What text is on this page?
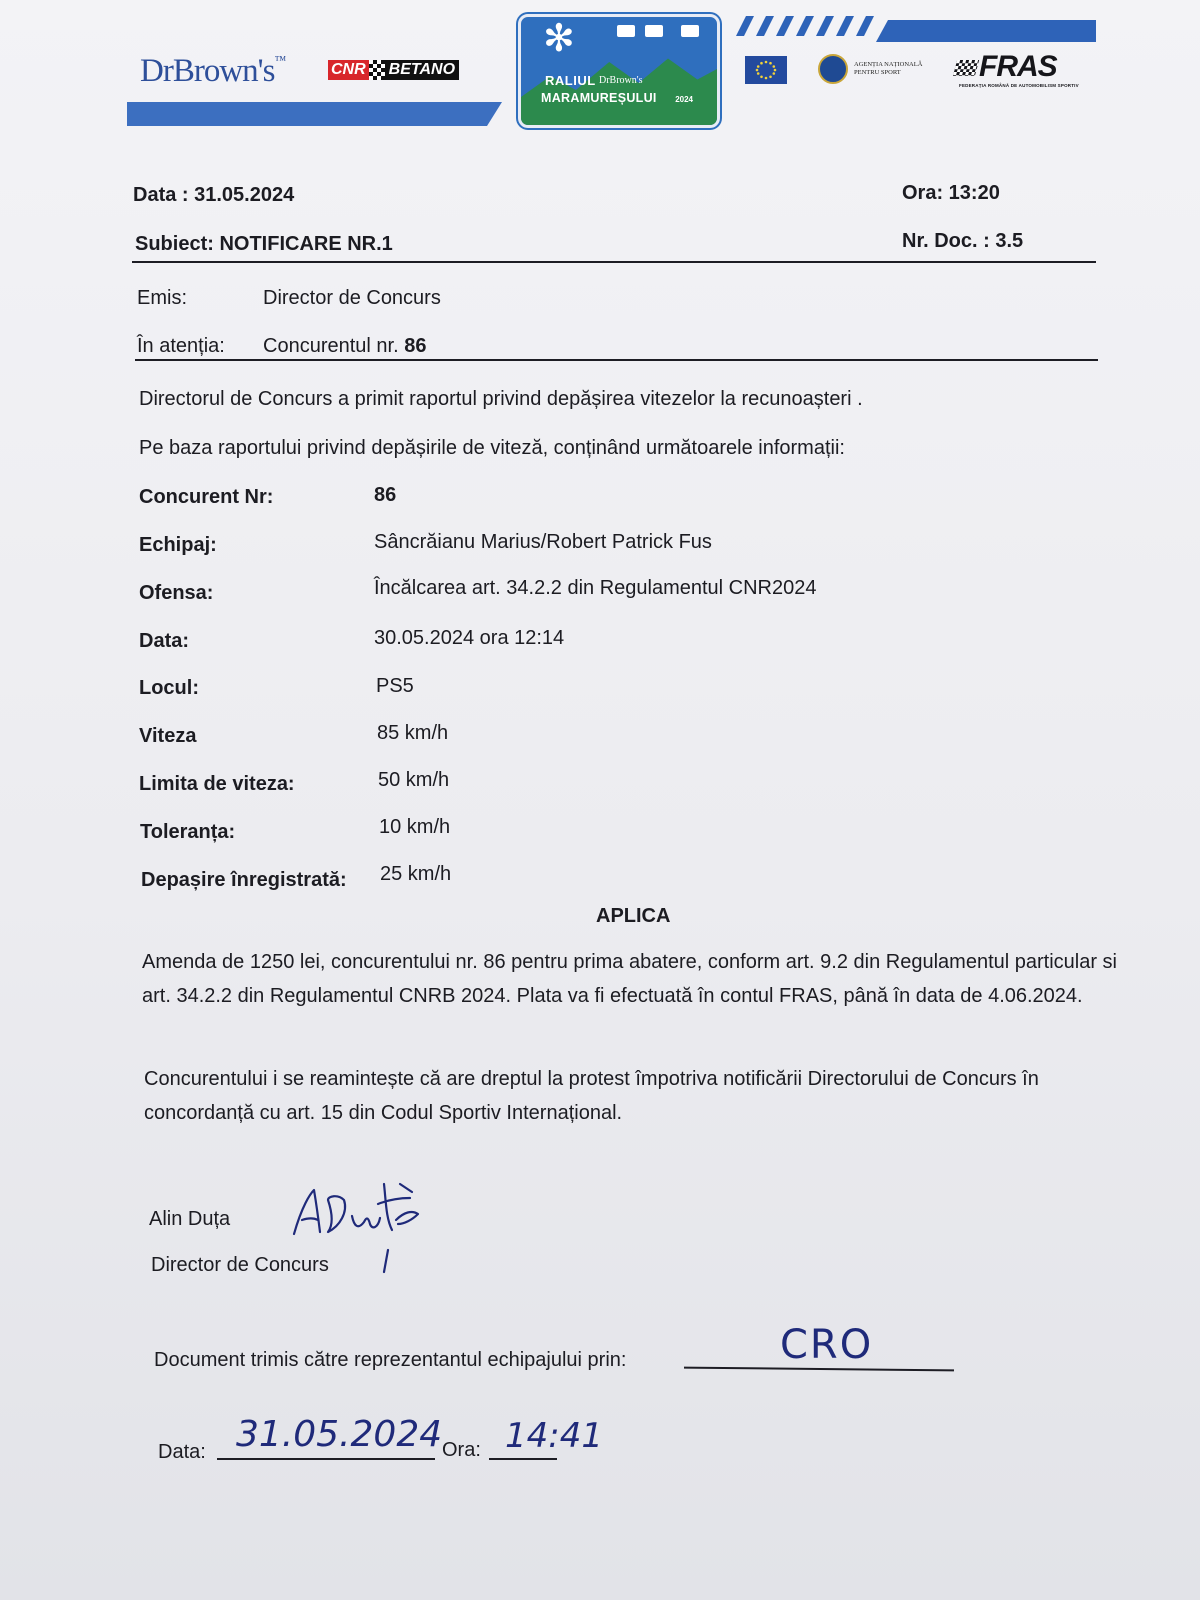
DrBrown's™
CNR BETANO
✻
RALIUL DrBrown's
MARAMUREȘULUI 2024
AGENȚIA NAȚIONALĂ PENTRU SPORT	FRAS
FEDERAȚIA ROMÂNĂ DE AUTOMOBILISM SPORTIV
Data : 31.05.2024	Ora: 13:20
Subiect: NOTIFICARE NR.1	Nr. Doc. : 3.5
Emis:	Director de Concurs
În atenția: Concurentul nr. 86
Directorul de Concurs a primit raportul privind depășirea vitezelor la recunoașteri .
Pe baza raportului privind depășirile de viteză, conținând următoarele informații:
Concurent Nr:	86
Echipaj:	Sâncrăianu Marius/Robert Patrick Fus
Ofensa:	Încălcarea art. 34.2.2 din Regulamentul CNR2024
Data:	30.05.2024 ora 12:14
Locul:	PS5
Viteza	85 km/h
Limita de viteza:	50 km/h
Toleranța:	10 km/h
Depașire înregistrată: 25 km/h
APLICA
Amenda de 1250 lei, concurentului nr. 86 pentru prima abatere, conform art. 9.2 din Regulamentul particular si art. 34.2.2 din Regulamentul CNRB 2024. Plata va fi efectuată în contul FRAS, până în data de 4.06.2024.
Concurentului i se reamintește că are dreptul la protest împotriva notificării Directorului de Concurs în concordanță cu art. 15 din Codul Sportiv Internațional.
Alin Duța
Director de Concurs
Document trimis către reprezentantul echipajului prin:	CRO
Data: 31.05.2024 Ora: 14:41
